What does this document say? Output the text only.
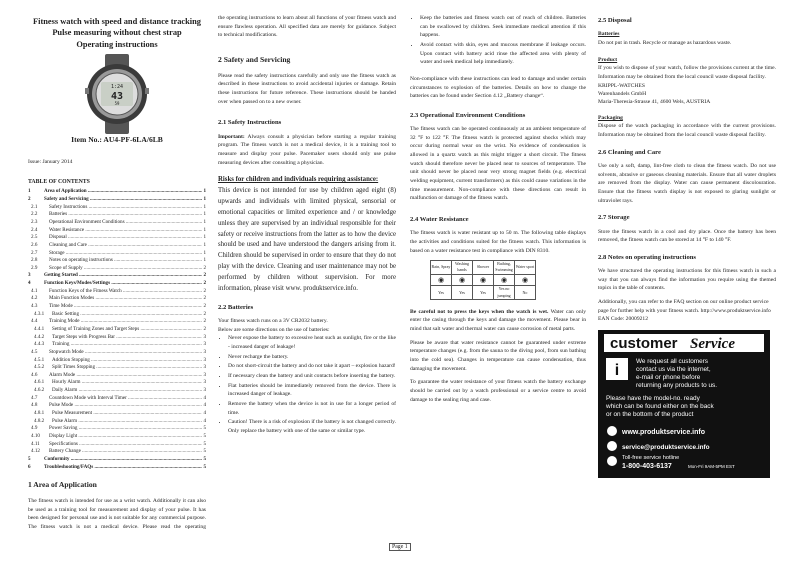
Fitness watch with speed and distance tracking
Pulse measuring without chest strap
Operating instructions
1:24
43
59
Item No.: AU4-PF-6LA/6LB
Issue: January 2014
TABLE OF CONTENTS
1	Area of Application .....	1
2	Safety and Servicing .....	1
2.1	Safety Instructions .....	1
2.2	Batteries .....	1
2.3	Operational Environment Conditions .....	1
2.4	Water Resistance .....	1
2.5	Disposal .....	1
2.6	Cleaning and Care .....	1
2.7	Storage .....	1
2.8	Notes on operating instructions .....	1
2.9	Scope of Supply .....	2
3	Getting Started .....	2
4	Function Keys/Modes/Settings .....	2
4.1	Function Keys of the Fitness Watch .....	2
4.2	Main Function Modes .....	2
4.3	Time Mode .....	2
4.3.1	Basic Setting .....	2
4.4	Training Mode .....	2
4.4.1	Setting of Training Zones and Target Steps .....	2
4.4.2	Target Steps with Progress Bar .....	3
4.4.3	Training .....	3
4.5	Stopwatch Mode .....	3
4.5.1	Addition Stopping .....	3
4.5.2	Split Times Stopping .....	3
4.6	Alarm Mode .....	3
4.6.1	Hourly Alarm .....	3
4.6.2	Daily Alarm .....	3
4.7	Countdown Mode with Interval Timer .....	4
4.8	Pulse Mode .....	4
4.8.1	Pulse Measurement .....	4
4.8.2	Pulse Alarm .....	4
4.9	Power Saving .....	5
4.10	Display Light .....	5
4.11	Specifications .....	5
4.12	Battery Change .....	5
5	Conformity .....	5
6	Troubleshooting/FAQs .....	5
1 Area of Application

The fitness watch is intended for use as a wrist watch. Additionally it can also be used as a training tool for measurement and display of your pulse. It has been designed for personal use and is not suitable for any commercial purpose. The fitness watch is not a medical device. Please read the operating

the operating instructions to learn about all functions of your fitness watch and ensure flawless operation. All specified data are merely for guidance. Subject to technical modifications.

2 Safety and Servicing

Please read the safety instructions carefully and only use the fitness watch as described in these instructions to avoid accidental injuries or damage. Retain these instructions for future reference. These instructions should be handed over when passed on to a new owner.

2.1 Safety Instructions

Important: Always consult a physician before starting a regular training program. The fitness watch is not a medical device, it is a training tool to measure and display your pulse. Pacemaker users should only use pulse measuring devices after consulting a physician.

Risks for children and individuals requiring assistance:

This device is not intended for use by children aged eight (8) upwards and individuals with limited physical, sensorial or emotional capacities or limited experience and / or knowledge unless they are supervised by an individual responsible for their safety or receive instructions from the latter as to how the device should be used and have understood the dangers arising from it. Children should be supervised in order to ensure that they do not play with the device. Cleaning and user maintenance may not be performed by children without supervision. For more information, please visit www. produktservice.info.

2.2 Batteries
Your fitness watch runs on a 3V CR2032 battery.
Below are some directions on the use of batteries:
• Never expose the battery to excessive heat such as sunlight, fire or the like - increased danger of leakage!
• Never recharge the battery.
• Do not short-circuit the battery and do not take it apart – explosion hazard!
• If necessary clean the battery and unit contacts before inserting the battery.
• Flat batteries should be immediately removed from the device. There is increased danger of leakage.
• Remove the battery when the device is not in use for a longer period of time.
• Caution! There is a risk of explosion if the battery is not changed correctly. Only replace the battery with one of the same or similar type.
• Keep the batteries and fitness watch out of reach of children. Batteries can be swallowed by children. Seek immediate medical attention if this happens.
• Avoid contact with skin, eyes and mucous membrane if leakage occurs. Upon contact with battery acid rinse the affected area with plenty of water and seek medical help immediately.

Non-compliance with these instructions can lead to damage and under certain circumstances to explosion of the batteries. Details on how to change the batteries can be found under Section 4.12 „Battery change“.

2.3 Operational Environment Conditions

The fitness watch can be operated continuously at an ambient temperature of 32 °F to 122 °F. The fitness watch is protected against shocks which may occur during normal wear on the wrist. No evidence of condensation is allowed in a quartz watch as this might trigger a short circuit. The fitness watch should therefore never be placed near to sources of temperature. The unit should never be placed near very strong magnet fields (e.g. electrical welding equipment, current transformers) as this could cause variations in the time measurement. Non-compliance with these directions can result in malfunction or damage of the fitness watch.

2.4 Water Resistance

The fitness watch is water resistant up to 50 m. The following table displays the activities and conditions suited for the fitness watch. This information is based on a water resistance test in compliance with DIN 8310.

Rain, Spray	Washing hands	Shower	Bathing, Swimming	Water sport
◉	◉	◉	◉	◉
Yes	Yes	Yes	Yes no jumping	No

Be careful not to press the keys when the watch is wet. Water can only enter the casing through the keys and damage the movement. Please bear in mind that salt water and thermal water can cause corrosion of metal parts.

Please be aware that water resistance cannot be guaranteed under extreme temperature changes (e.g. from the sauna to the diving pool, from sun bathing into the cold sea). Changes in temperature can cause condensation, thus damaging the movement.

To guarantee the water resistance of your fitness watch the battery exchange should be carried out by a watch professional or a service centre to avoid damage to the sealing ring and case.

2.5 Disposal
Batteries

Do not put in trash. Recycle or manage as hazardous waste.

Product

If you wish to dispose of your watch, follow the provisions current at the time. Information may be obtained from the local council waste disposal facility.

KRIPPL-WATCHES
Warenhandels GmbH
Maria-Theresia-Strasse 41, 4600 Wels, AUSTRIA
Packaging

Dispose of the watch packaging in accordance with the current provisions. Information may be obtained from the local council waste disposal facility.

2.6 Cleaning and Care

Use only a soft, damp, lint-free cloth to clean the fitness watch. Do not use solvents, abrasive or gaseous cleaning materials. Ensure that all water droplets are removed from the display. Water can cause permanent discolouration. Ensure that the fitness watch display is not exposed to glaring sunlight or ultraviolet rays.

2.7 Storage

Store the fitness watch in a cool and dry place. Once the battery has been removed, the fitness watch can be stored at 14 °F to 140 °F.

2.8 Notes on operating instructions

We have structured the operating instructions for this fitness watch in such a way that you can always find the information you require using the themed topics in the table of contents.

Additionally, you can refer to the FAQ section on our online product service page for further help with your fitness watch. http://www.produktservice.info EAN Code: 20009212

customer Service
i
We request all customers
contact us via the internet,
e-mail or phone before
returning any products to us.
Please have the model-no. ready
which can be found either on the back
or on the bottom of the product
www.produktservice.info
service@produktservice.info
Toll-free service hotline
1-800-403-6137	Mon-Fri 9AM-5PM EST
Page 1
